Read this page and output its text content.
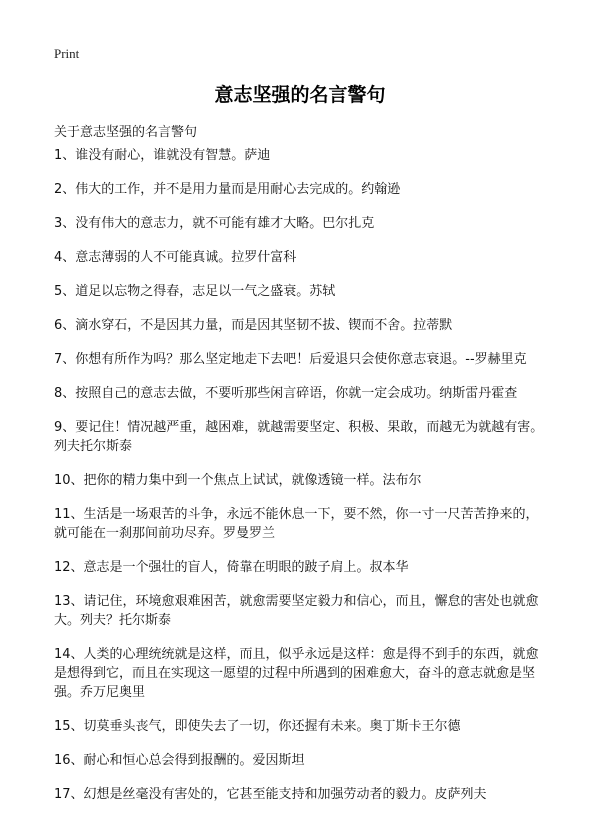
Print
意志坚强的名言警句

关于意志坚强的名言警句

1、谁没有耐心，谁就没有智慧。萨迪
2、伟大的工作，并不是用力量而是用耐心去完成的。约翰逊
3、没有伟大的意志力，就不可能有雄才大略。巴尔扎克
4、意志薄弱的人不可能真诚。拉罗什富科
5、道足以忘物之得春，志足以一气之盛衰。苏轼
6、滴水穿石，不是因其力量，而是因其坚韧不拔、锲而不舍。拉蒂默
7、你想有所作为吗？那么坚定地走下去吧！后爱退只会使你意志衰退。--罗赫里克
8、按照自己的意志去做，不要听那些闲言碎语，你就一定会成功。纳斯雷丹霍查
9、要记住！情况越严重，越困难，就越需要坚定、积极、果敢，而越无为就越有害。列夫托尔斯泰
10、把你的精力集中到一个焦点上试试，就像透镜一样。法布尔
11、生活是一场艰苦的斗争，永远不能休息一下，要不然，你一寸一尺苦苦挣来的，就可能在一刹那间前功尽弃。罗曼罗兰
12、意志是一个强壮的盲人，倚靠在明眼的跛子肩上。叔本华
13、请记住，环境愈艰难困苦，就愈需要坚定毅力和信心，而且，懈怠的害处也就愈大。列夫？托尔斯泰
14、人类的心理统统就是这样，而且，似乎永远是这样：愈是得不到手的东西，就愈是想得到它，而且在实现这一愿望的过程中所遇到的困难愈大，奋斗的意志就愈是坚强。乔万尼奥里
15、切莫垂头丧气，即使失去了一切，你还握有未来。奥丁斯卡王尔德
16、耐心和恒心总会得到报酬的。爱因斯坦
17、幻想是丝毫没有害处的，它甚至能支持和加强劳动者的毅力。皮萨列夫
